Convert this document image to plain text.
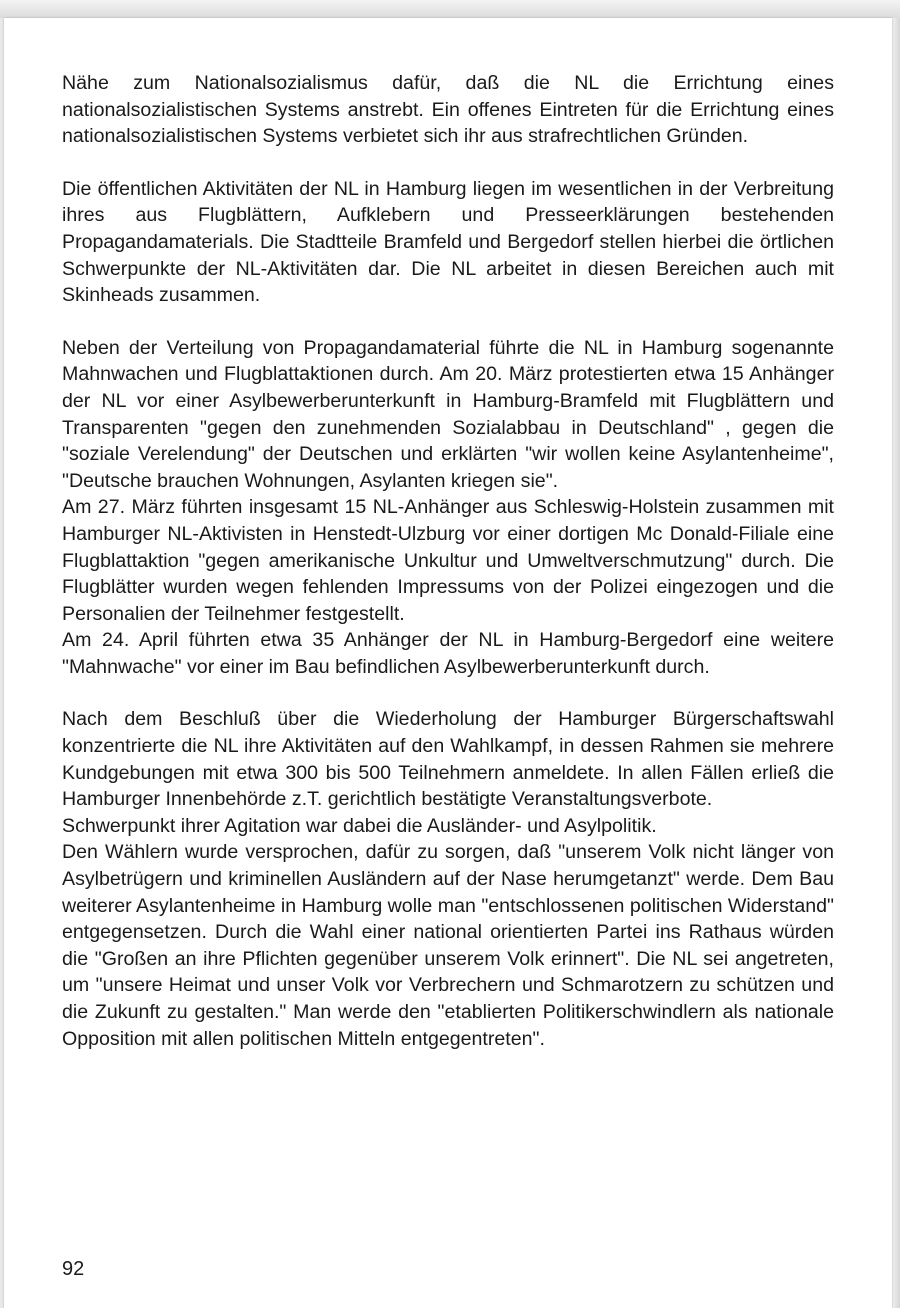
Nähe zum Nationalsozialismus dafür, daß die NL die Errichtung eines nationalsozialistischen Systems anstrebt. Ein offenes Eintreten für die Errichtung eines nationalsozialistischen Systems verbietet sich ihr aus strafrechtlichen Gründen.

Die öffentlichen Aktivitäten der NL in Hamburg liegen im wesentlichen in der Verbreitung ihres aus Flugblättern, Aufklebern und Presseerklärungen bestehenden Propagandamaterials. Die Stadtteile Bramfeld und Bergedorf stellen hierbei die örtlichen Schwerpunkte der NL-Aktivitäten dar. Die NL arbeitet in diesen Bereichen auch mit Skinheads zusammen.

Neben der Verteilung von Propagandamaterial führte die NL in Hamburg sogenannte Mahnwachen und Flugblattaktionen durch. Am 20. März protestierten etwa 15 Anhänger der NL vor einer Asylbewerberunterkunft in Hamburg-Bramfeld mit Flugblättern und Transparenten "gegen den zunehmenden Sozialabbau in Deutschland" , gegen die "soziale Verelendung" der Deutschen und erklärten "wir wollen keine Asylantenheime", "Deutsche brauchen Wohnungen, Asylanten kriegen sie".

Am 27. März führten insgesamt 15 NL-Anhänger aus Schleswig-Holstein zusammen mit Hamburger NL-Aktivisten in Henstedt-Ulzburg vor einer dortigen Mc Donald-Filiale eine Flugblattaktion "gegen amerikanische Unkultur und Umweltverschmutzung" durch. Die Flugblätter wurden wegen fehlenden Impressums von der Polizei eingezogen und die Personalien der Teilnehmer festgestellt.

Am 24. April führten etwa 35 Anhänger der NL in Hamburg-Bergedorf eine weitere "Mahnwache" vor einer im Bau befindlichen Asylbewerberunterkunft durch.

Nach dem Beschluß über die Wiederholung der Hamburger Bürgerschaftswahl konzentrierte die NL ihre Aktivitäten auf den Wahlkampf, in dessen Rahmen sie mehrere Kundgebungen mit etwa 300 bis 500 Teilnehmern anmeldete. In allen Fällen erließ die Hamburger Innenbehörde z.T. gerichtlich bestätigte Veranstaltungsverbote.

Schwerpunkt ihrer Agitation war dabei die Ausländer- und Asylpolitik.

Den Wählern wurde versprochen, dafür zu sorgen, daß "unserem Volk nicht länger von Asylbetrügern und kriminellen Ausländern auf der Nase herumgetanzt" werde. Dem Bau weiterer Asylantenheime in Hamburg wolle man "entschlossenen politischen Widerstand" entgegensetzen. Durch die Wahl einer national orientierten Partei ins Rathaus würden die "Großen an ihre Pflichten gegenüber unserem Volk erinnert". Die NL sei angetreten, um "unsere Heimat und unser Volk vor Verbrechern und Schmarotzern zu schützen und die Zukunft zu gestalten." Man werde den "etablierten Politikerschwindlern als nationale Opposition mit allen politischen Mitteln entgegentreten".

92
